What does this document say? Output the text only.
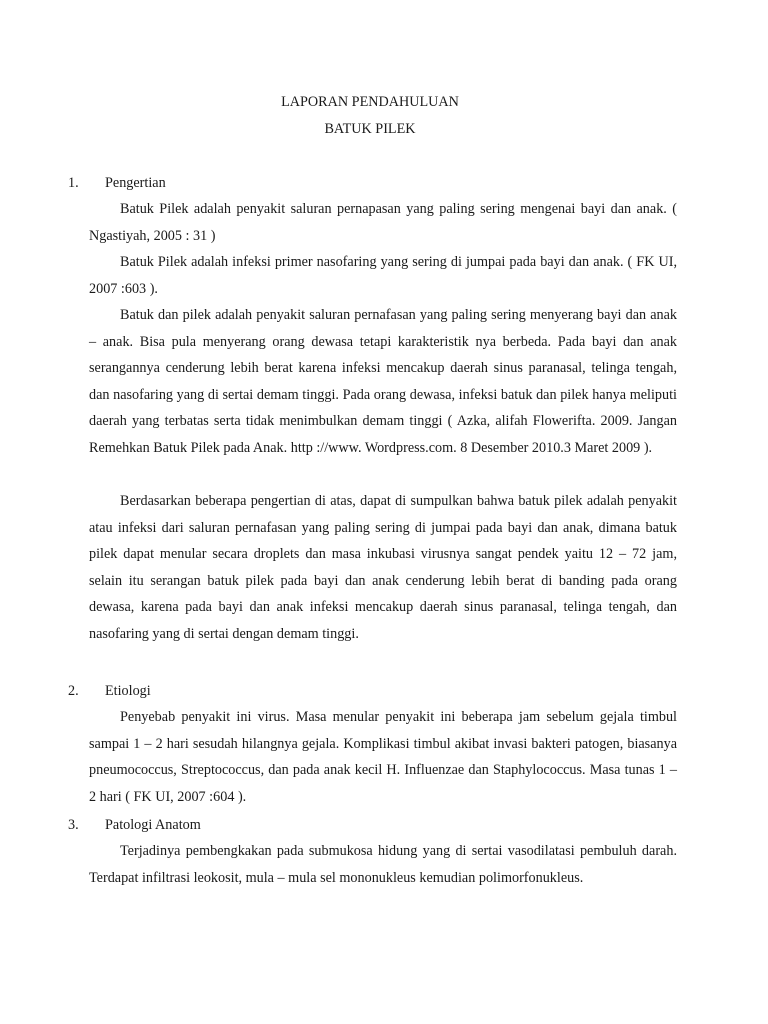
LAPORAN PENDAHULUAN
BATUK PILEK
1. Pengertian

Batuk Pilek adalah penyakit saluran pernapasan yang paling sering mengenai bayi dan anak. ( Ngastiyah, 2005 : 31 )

Batuk Pilek adalah infeksi primer nasofaring yang sering di jumpai pada bayi dan anak. ( FK UI, 2007 :603 ).

Batuk dan pilek adalah penyakit saluran pernafasan yang paling sering menyerang bayi dan anak – anak. Bisa pula menyerang orang dewasa tetapi karakteristik nya berbeda. Pada bayi dan anak serangannya cenderung lebih berat karena infeksi mencakup daerah sinus paranasal, telinga tengah, dan nasofaring yang di sertai demam tinggi. Pada orang dewasa, infeksi batuk dan pilek hanya meliputi daerah yang terbatas serta tidak menimbulkan demam tinggi ( Azka, alifah Flowerifta. 2009. Jangan Remehkan Batuk Pilek pada Anak. http ://www. Wordpress.com. 8 Desember 2010.3 Maret 2009 ).

Berdasarkan beberapa pengertian di atas, dapat di sumpulkan bahwa batuk pilek adalah penyakit atau infeksi dari saluran pernafasan yang paling sering di jumpai pada bayi dan anak, dimana batuk pilek dapat menular secara droplets dan masa inkubasi virusnya sangat pendek yaitu 12 – 72 jam, selain itu serangan batuk pilek pada bayi dan anak cenderung lebih berat di banding pada orang dewasa, karena pada bayi dan anak infeksi mencakup daerah sinus paranasal, telinga tengah, dan nasofaring yang di sertai dengan demam tinggi.

2. Etiologi

Penyebab penyakit ini virus. Masa menular penyakit ini beberapa jam sebelum gejala timbul sampai 1 – 2 hari sesudah hilangnya gejala. Komplikasi timbul akibat invasi bakteri patogen, biasanya pneumococcus, Streptococcus, dan pada anak kecil H. Influenzae dan Staphylococcus. Masa tunas 1 – 2 hari ( FK UI, 2007 :604 ).

3. Patologi Anatom

Terjadinya pembengkakan pada submukosa hidung yang di sertai vasodilatasi pembuluh darah. Terdapat infiltrasi leokosit, mula – mula sel mononukleus kemudian polimorfonukleus.
